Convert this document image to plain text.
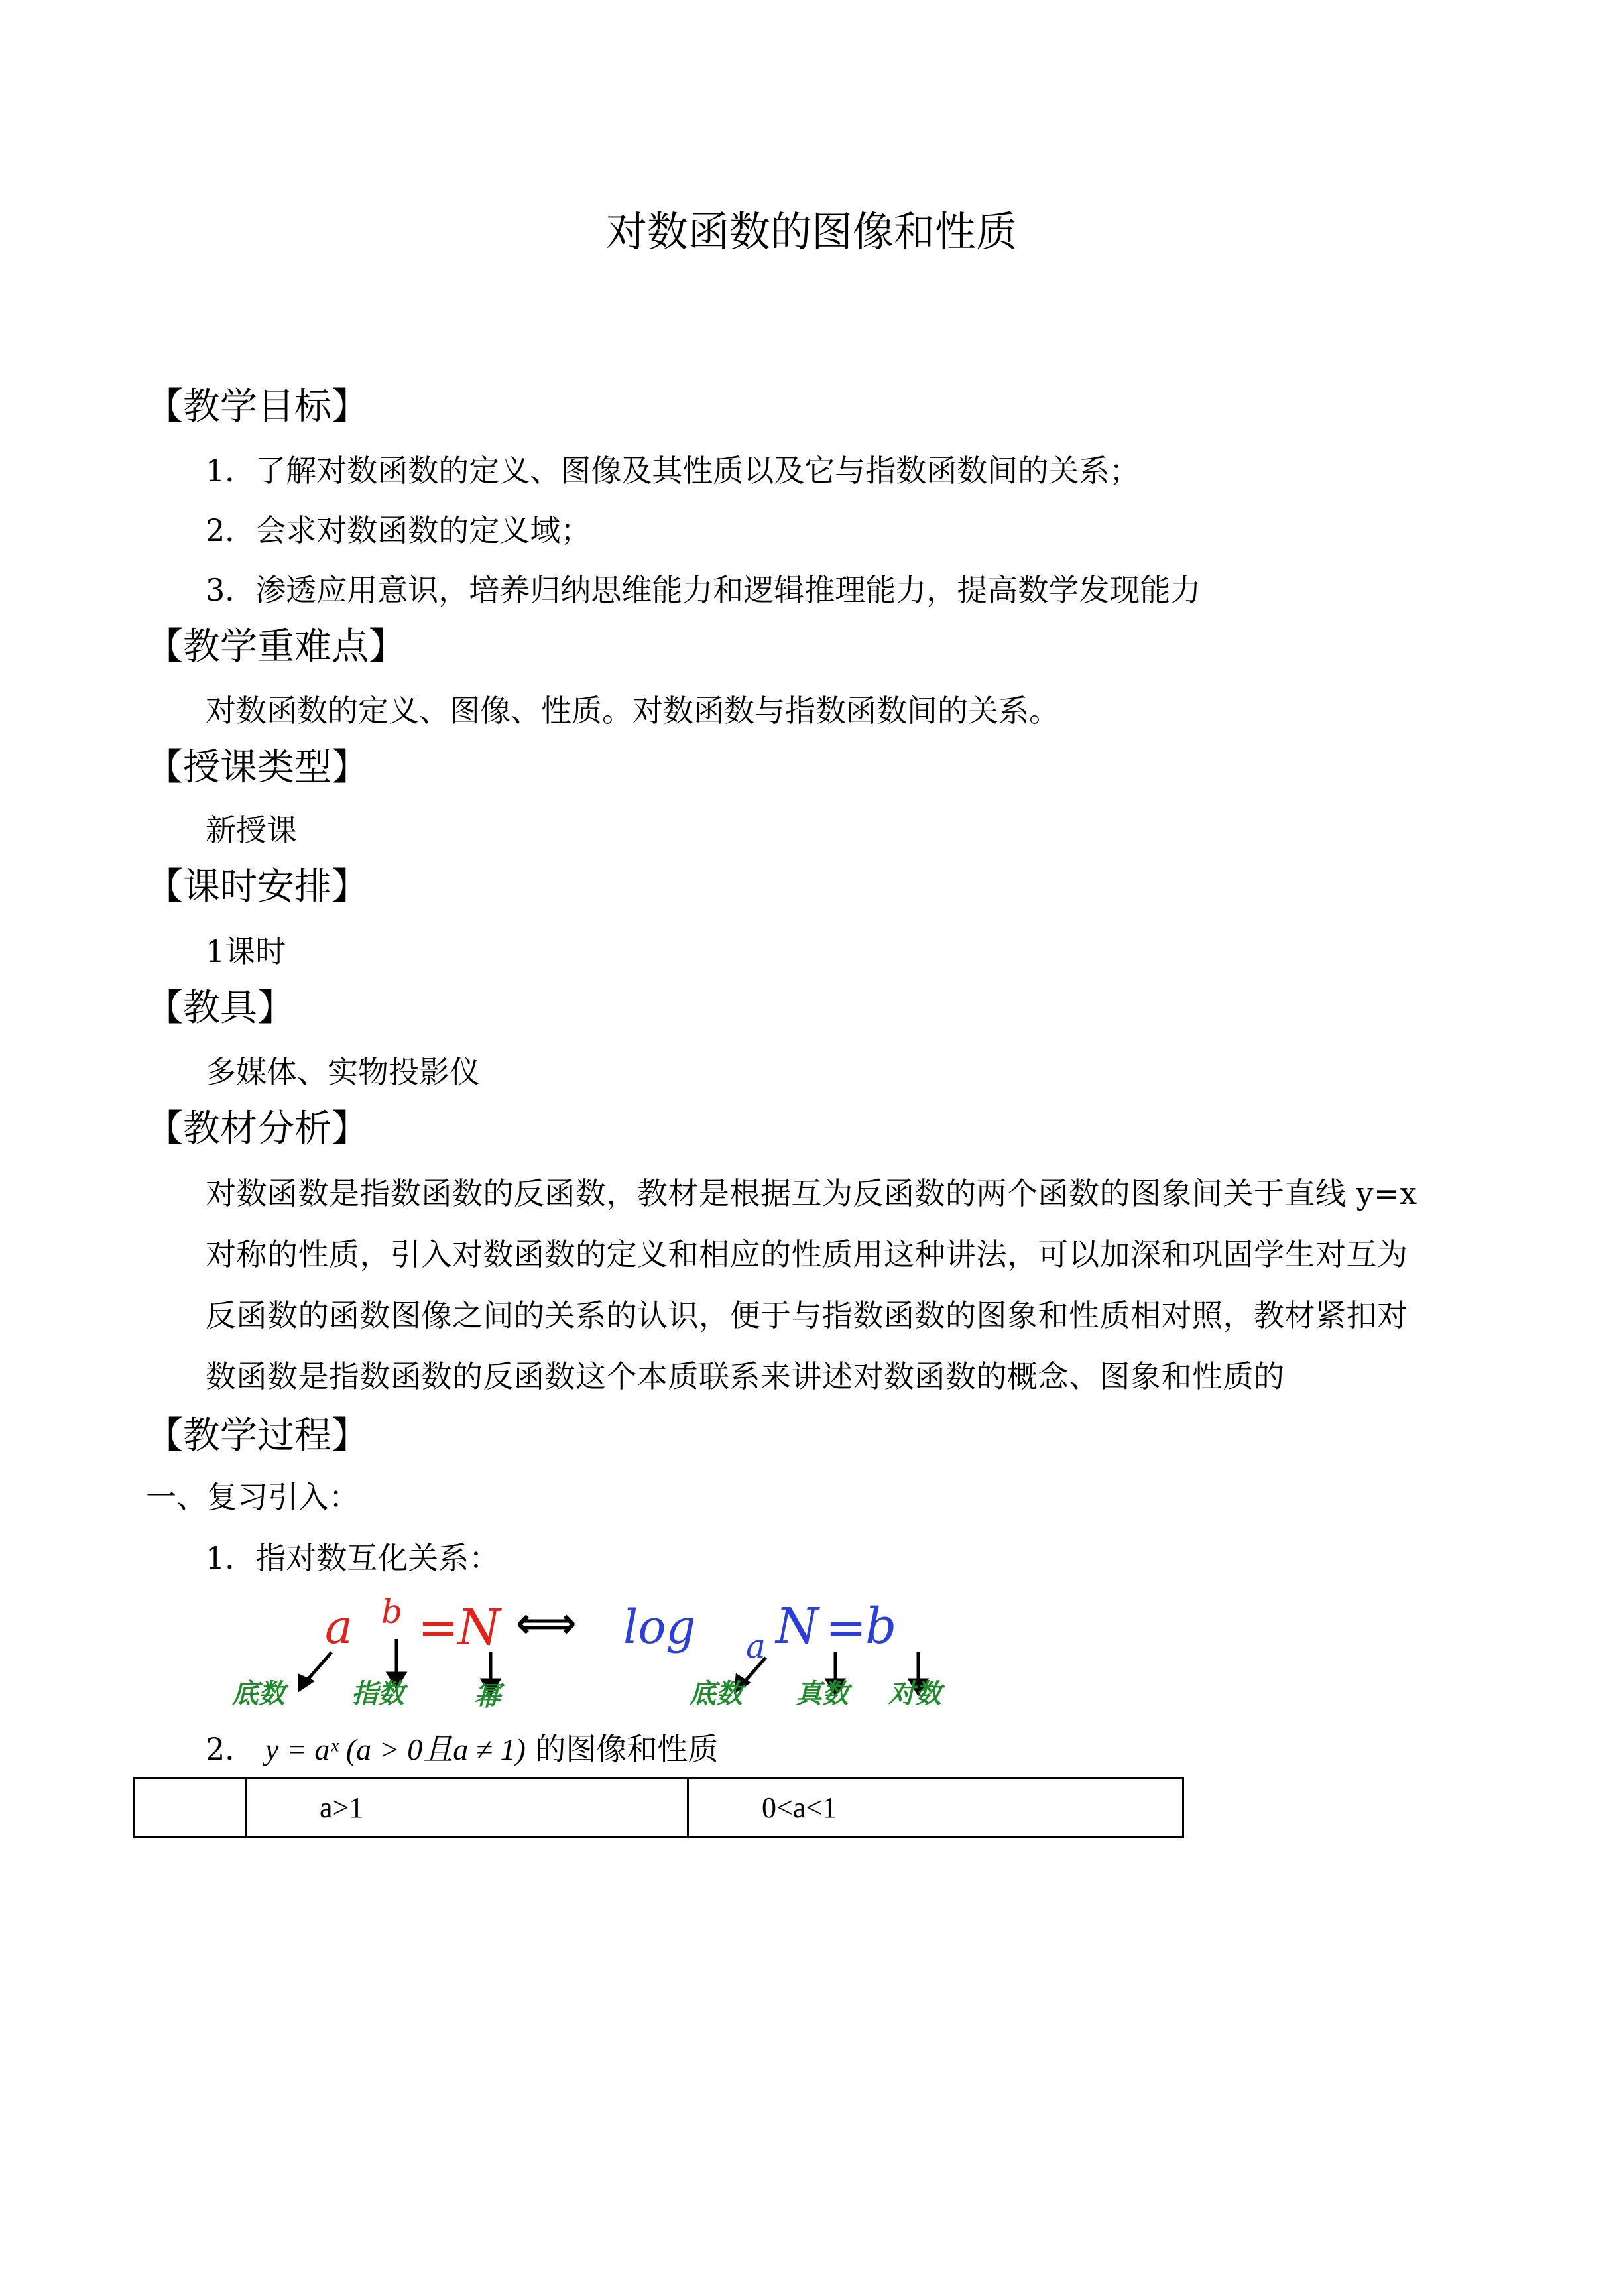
对数函数的图像和性质
【教学目标】
1．了解对数函数的定义、图像及其性质以及它与指数函数间的关系；
2．会求对数函数的定义域；
3．渗透应用意识，培养归纳思维能力和逻辑推理能力，提高数学发现能力
【教学重难点】
对数函数的定义、图像、性质。对数函数与指数函数间的关系。
【授课类型】
新授课
【课时安排】
1课时
【教具】
多媒体、实物投影仪
【教材分析】
对数函数是指数函数的反函数，教材是根据互为反函数的两个函数的图象间关于直线 y=x
对称的性质，引入对数函数的定义和相应的性质用这种讲法，可以加深和巩固学生对互为
反函数的函数图像之间的关系的认识，便于与指数函数的图象和性质相对照，教材紧扣对
数函数是指数函数的反函数这个本质联系来讲述对数函数的概念、图象和性质的
【教学过程】
一、复习引入：
1．指对数互化关系：
a b =
N ⟺ log a N =
b
底数	指数	幂	底数 真数 对数
2． y = aˣ (a > 0且a ≠ 1) 的图像和性质
	a>1	0<a<1
